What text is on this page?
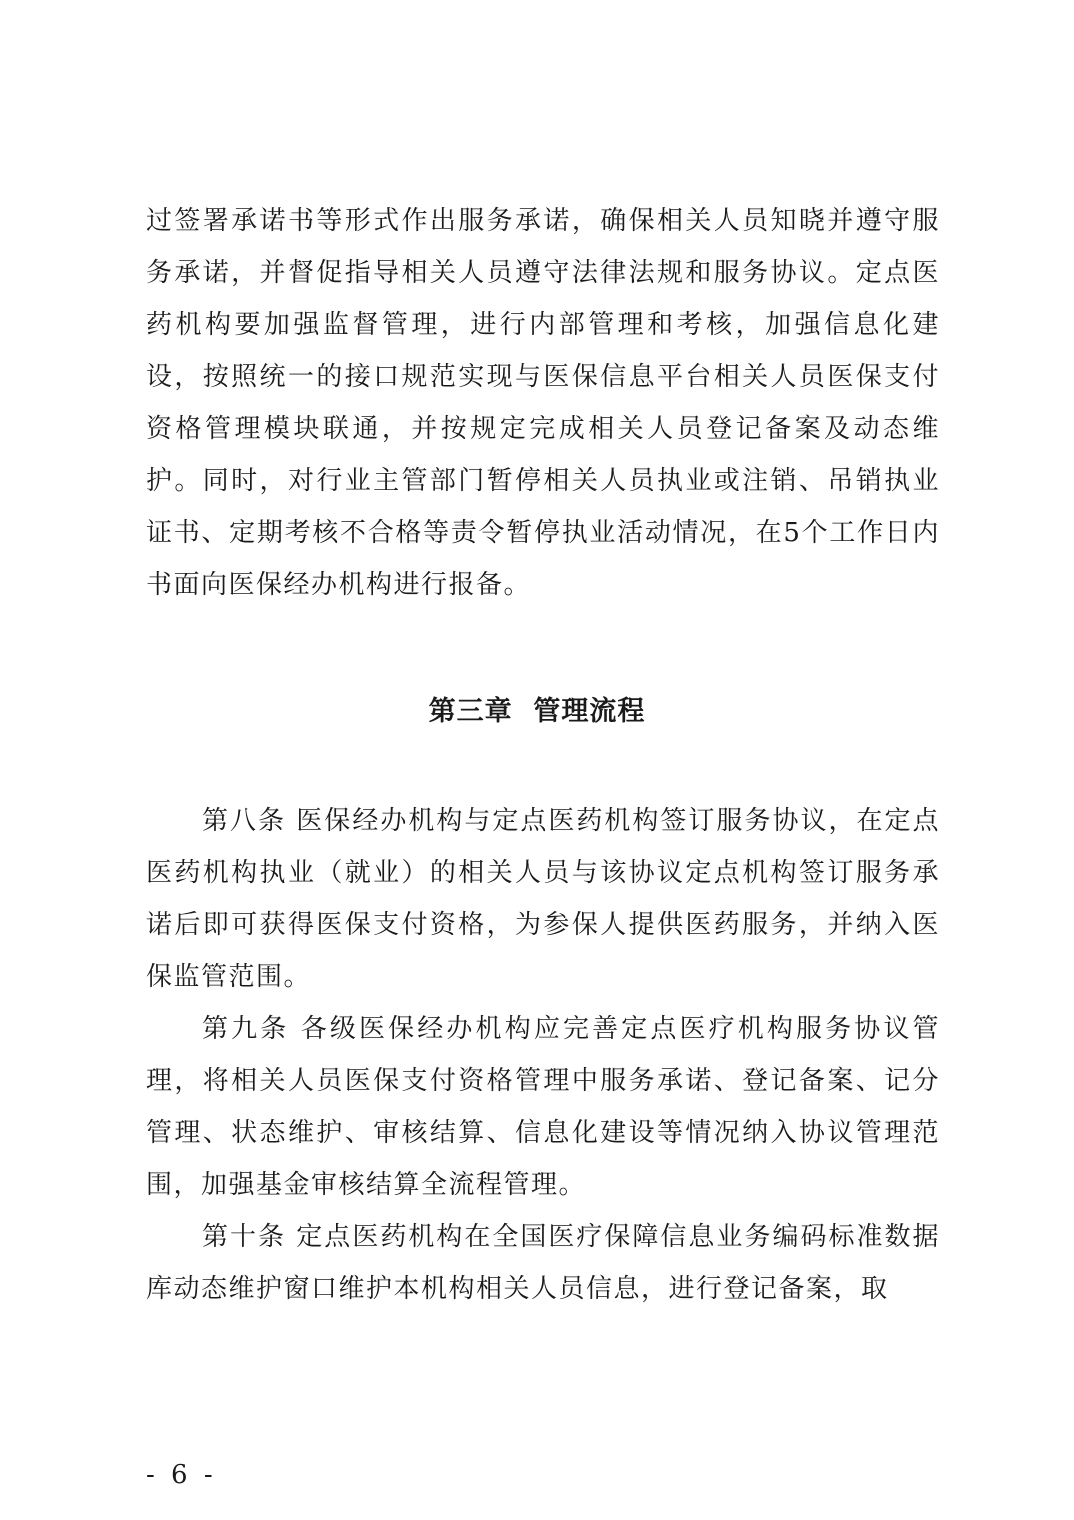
过签署承诺书等形式作出服务承诺，确保相关人员知晓并遵守服务承诺，并督促指导相关人员遵守法律法规和服务协议。定点医药机构要加强监督管理，进行内部管理和考核，加强信息化建设，按照统一的接口规范实现与医保信息平台相关人员医保支付资格管理模块联通，并按规定完成相关人员登记备案及动态维护。同时，对行业主管部门暂停相关人员执业或注销、吊销执业证书、定期考核不合格等责令暂停执业活动情况，在5个工作日内书面向医保经办机构进行报备。

第三章  管理流程

第八条 医保经办机构与定点医药机构签订服务协议，在定点医药机构执业（就业）的相关人员与该协议定点机构签订服务承诺后即可获得医保支付资格，为参保人提供医药服务，并纳入医保监管范围。

第九条 各级医保经办机构应完善定点医疗机构服务协议管理，将相关人员医保支付资格管理中服务承诺、登记备案、记分管理、状态维护、审核结算、信息化建设等情况纳入协议管理范围，加强基金审核结算全流程管理。

第十条 定点医药机构在全国医疗保障信息业务编码标准数据库动态维护窗口维护本机构相关人员信息，进行登记备案，取

- 6 -
